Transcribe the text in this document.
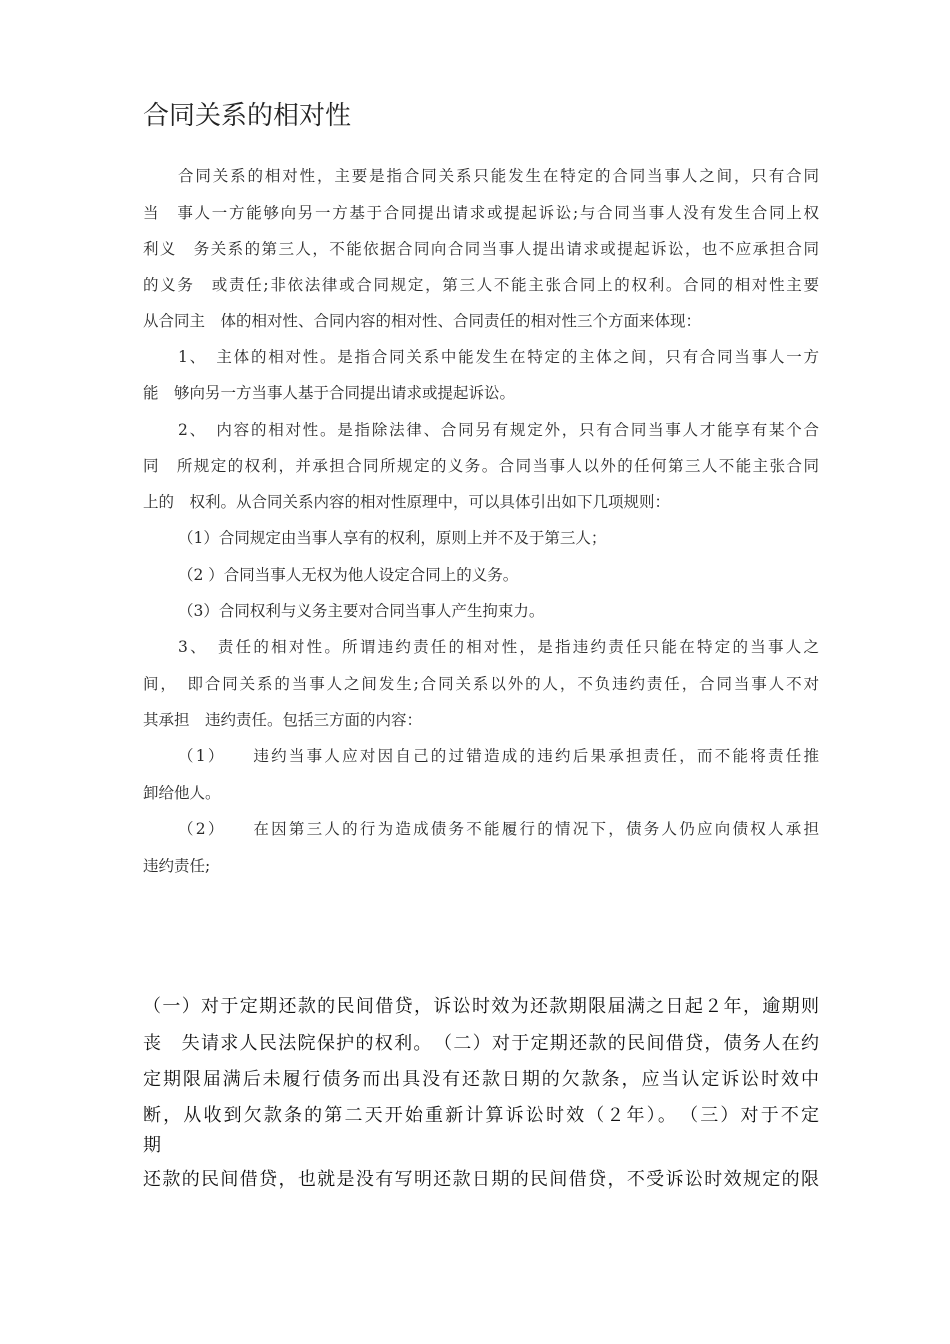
合同关系的相对性
合同关系的相对性，主要是指合同关系只能发生在特定的合同当事人之间，只有合同
当　事人一方能够向另一方基于合同提出请求或提起诉讼;与合同当事人没有发生合同上权
利义　务关系的第三人，不能依据合同向合同当事人提出请求或提起诉讼，也不应承担合同
的义务　或责任;非依法律或合同规定，第三人不能主张合同上的权利。合同的相对性主要
从合同主　体的相对性、合同内容的相对性、合同责任的相对性三个方面来体现：
1、　主体的相对性。是指合同关系中能发生在特定的主体之间，只有合同当事人一方
能　够向另一方当事人基于合同提出请求或提起诉讼。
2、　内容的相对性。是指除法律、合同另有规定外，只有合同当事人才能享有某个合
同　所规定的权利，并承担合同所规定的义务。合同当事人以外的任何第三人不能主张合同
上的　权利。从合同关系内容的相对性原理中，可以具体引出如下几项规则：
（1）合同规定由当事人享有的权利，原则上并不及于第三人；
（2 ）合同当事人无权为他人设定合同上的义务。
（3）合同权利与义务主要对合同当事人产生拘束力。
3、　责任的相对性。所谓违约责任的相对性，是指违约责任只能在特定的当事人之
间，　即合同关系的当事人之间发生;合同关系以外的人，不负违约责任，合同当事人不对
其承担　违约责任。包括三方面的内容：
（1）　　违约当事人应对因自己的过错造成的违约后果承担责任，而不能将责任推
卸给他人。
（2）　　在因第三人的行为造成债务不能履行的情况下，债务人仍应向债权人承担
违约责任;
（一）对于定期还款的民间借贷，诉讼时效为还款期限届满之日起２年，逾期则
丧　失请求人民法院保护的权利。　（二）对于定期还款的民间借贷，债务人在约
定期限届满后未履行债务而出具没有还款日期的欠款条，应当认定诉讼时效中
断，从收到欠款条的第二天开始重新计算诉讼时效（２年）。　（三）对于不定
期
还款的民间借贷，也就是没有写明还款日期的民间借贷，不受诉讼时效规定的限
